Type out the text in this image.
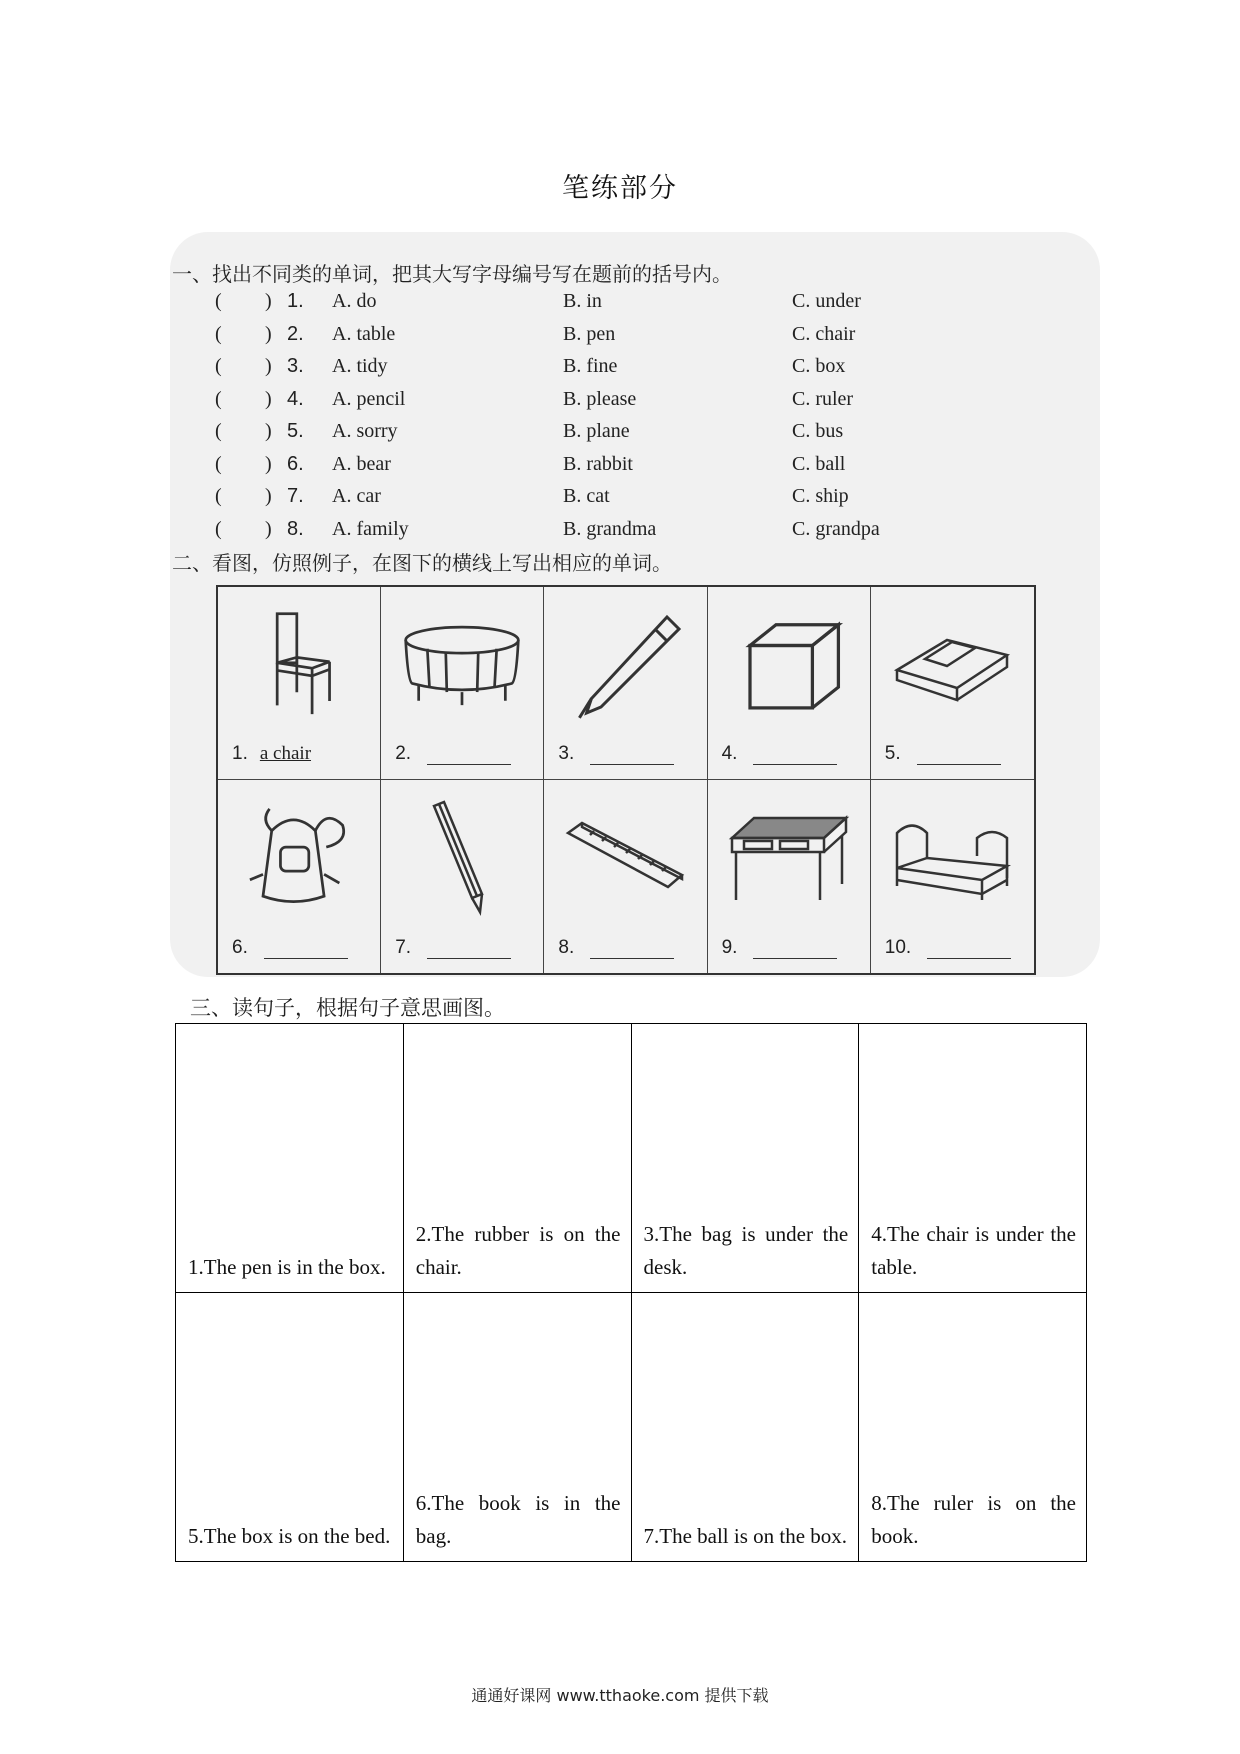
笔练部分
一、找出不同类的单词，把其大写字母编号写在题前的括号内。
( ) 1. A. do	B. in	C. under
( ) 2. A. table	B. pen	C. chair
( ) 3. A. tidy	B. fine	C. box
( ) 4. A. pencil	B. please	C. ruler
( ) 5. A. sorry	B. plane	C. bus
( ) 6. A. bear	B. rabbit	C. ball
( ) 7. A. car	B. cat	C. ship
( ) 8. A. family	B. grandma	C. grandpa
二、看图，仿照例子，在图下的横线上写出相应的单词。
1. a chair	2.	3.	4.	5.
6.	7.	8.	9.	10.
三、读句子，根据句子意思画图。
1.The pen is in the box.	2.The rubber is on the chair.	3.The bag is under the desk.	4.The chair is under the table.
5.The box is on the bed.	6.The book is in the bag.	7.The ball is on the box.	8.The ruler is on the book.
通通好课网 www.tthaoke.com 提供下载
